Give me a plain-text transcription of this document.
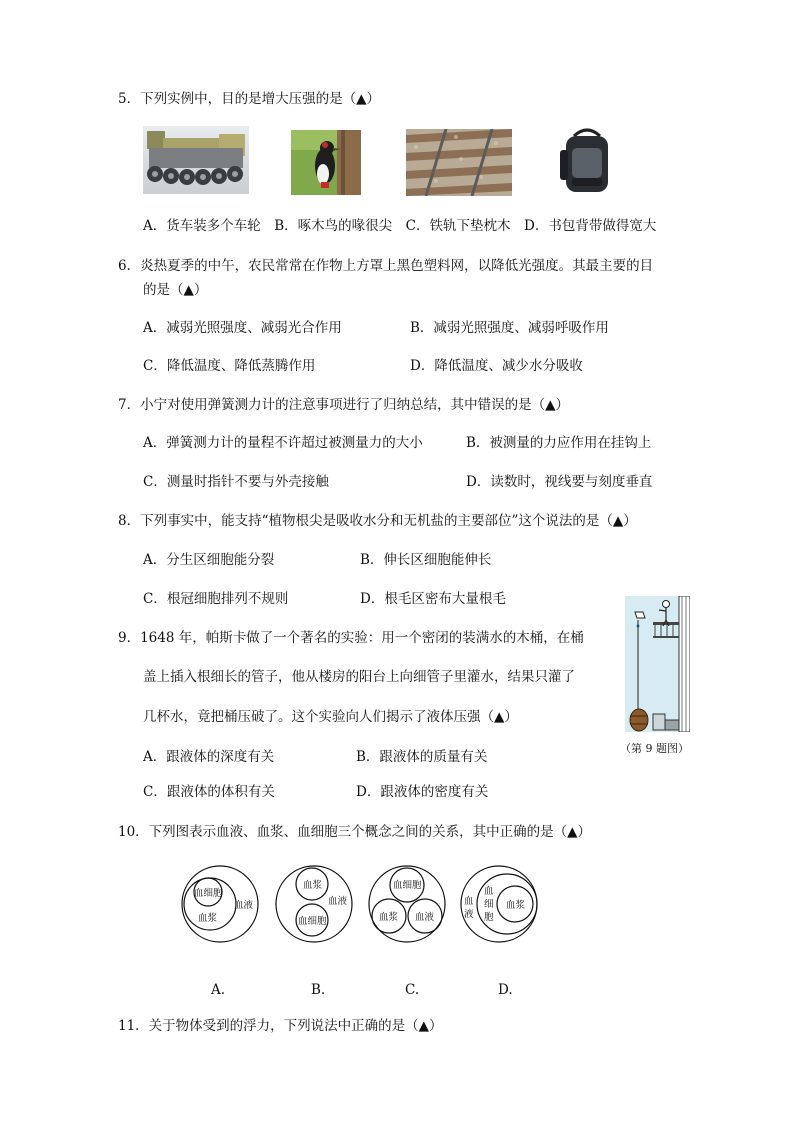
5．下列实例中，目的是增大压强的是（▲）
A．货车装多个车轮　B．啄木鸟的喙很尖　C．铁轨下垫枕木　D．书包背带做得宽大
6．炎热夏季的中午，农民常常在作物上方罩上黑色塑料网，以降低光强度。其最主要的目
的是（▲）
A．减弱光照强度、减弱光合作用	B．减弱光照强度、减弱呼吸作用
C．降低温度、降低蒸腾作用	D．降低温度、减少水分吸收
7．小宁对使用弹簧测力计的注意事项进行了归纳总结，其中错误的是（▲）
A．弹簧测力计的量程不许超过被测量力的大小	B．被测量的力应作用在挂钩上
C．测量时指针不要与外壳接触	D．读数时，视线要与刻度垂直
8．下列事实中，能支持“植物根尖是吸收水分和无机盐的主要部位”这个说法的是（▲）
A．分生区细胞能分裂	B．伸长区细胞能伸长
C．根冠细胞排列不规则	D．根毛区密布大量根毛
9．1648 年，帕斯卡做了一个著名的实验：用一个密闭的装满水的木桶，在桶
盖上插入根细长的管子，他从楼房的阳台上向细管子里灌水，结果只灌了
几杯水，竟把桶压破了。这个实验向人们揭示了液体压强（▲）
A．跟液体的深度有关	B．跟液体的质量有关
C．跟液体的体积有关	D．跟液体的密度有关
（第 9 题图）
10．下列图表示血液、血浆、血细胞三个概念之间的关系，其中正确的是（▲）
血细胞
血浆
血液
血浆
血液
血细胞
血细胞
血浆 血液
血
液
血
细
胞
血浆
A.	B.	C.	D.
11．关于物体受到的浮力，下列说法中正确的是（▲）
